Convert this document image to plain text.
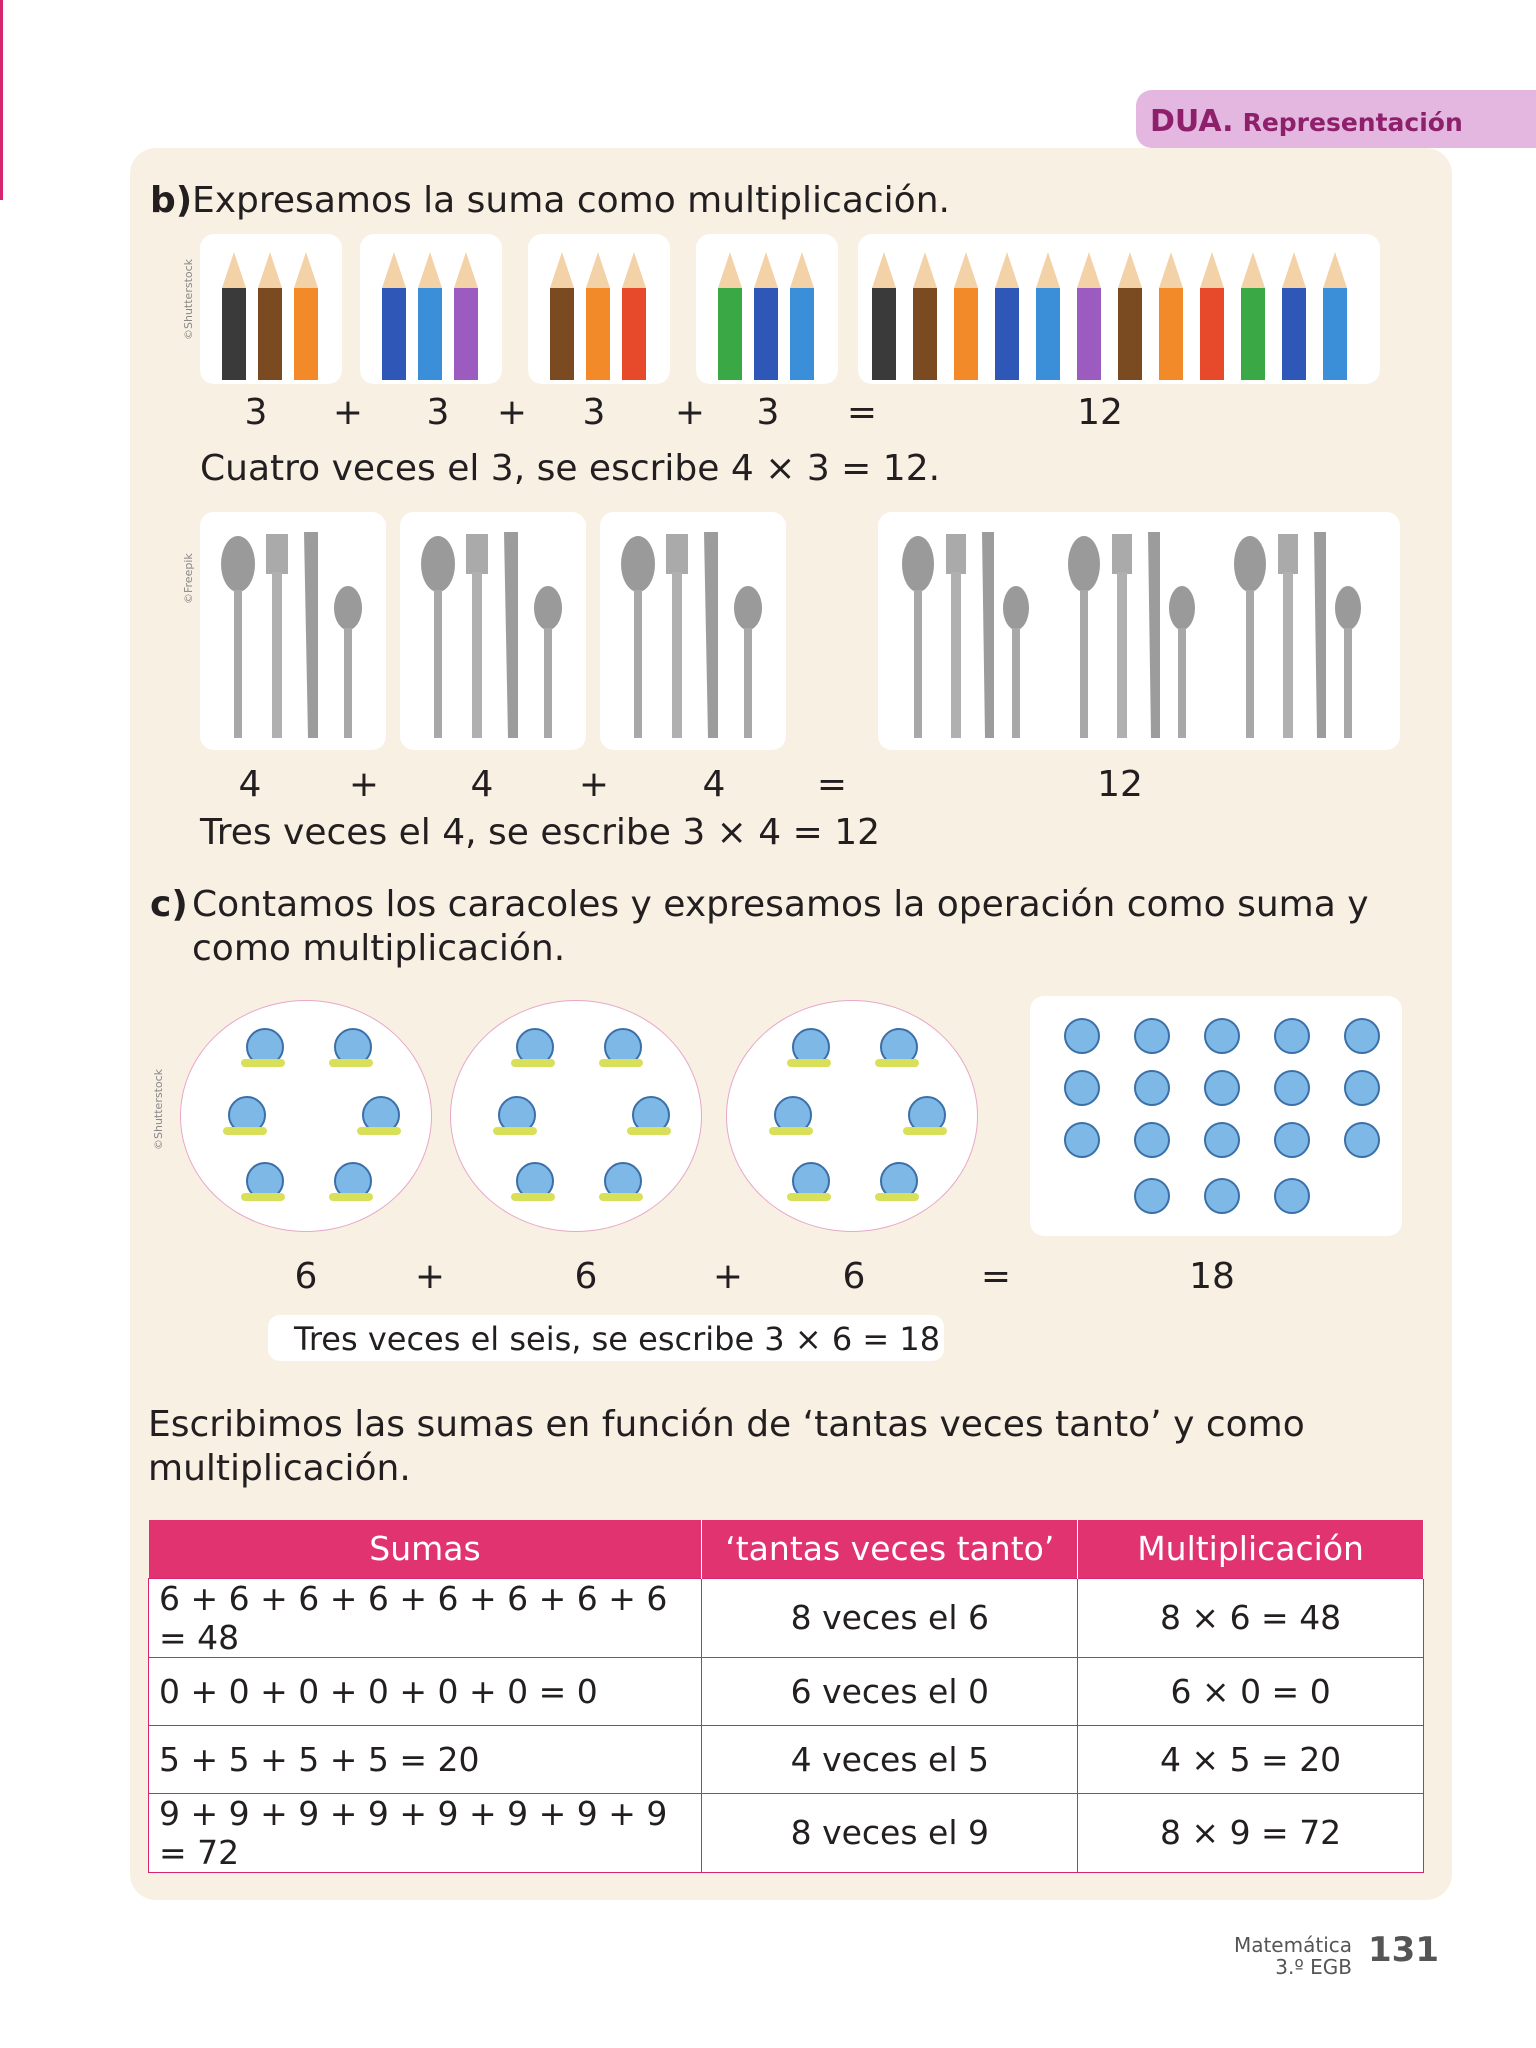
DUA. Representación
b) Expresamos la suma como multiplicación.
©Shutterstock
3	+	3	+	3	+	3	=	12
Cuatro veces el 3, se escribe 4 × 3 = 12.
©Freepik
4	+	4	+	4	=	12
Tres veces el 4, se escribe 3 × 4 = 12
c) Contamos los caracoles y expresamos la operación como suma y
como multiplicación.
©Shutterstock
6	+	6	+	6	=	18
Tres veces el seis, se escribe 3 × 6 = 18
Escribimos las sumas en función de ‘tantas veces tanto’ y como
multiplicación.
Sumas	‘tantas veces tanto’	Multiplicación
6 + 6 + 6 + 6 + 6 + 6 + 6 + 6 = 48	8 veces el 6	8 × 6 = 48
0 + 0 + 0 + 0 + 0 + 0 = 0	6 veces el 0	6 × 0 = 0
5 + 5 + 5 + 5 = 20	4 veces el 5	4 × 5 = 20
9 + 9 + 9 + 9 + 9 + 9 + 9 + 9 = 72	8 veces el 9	8 × 9 = 72
Matemática
3.º EGB 131
